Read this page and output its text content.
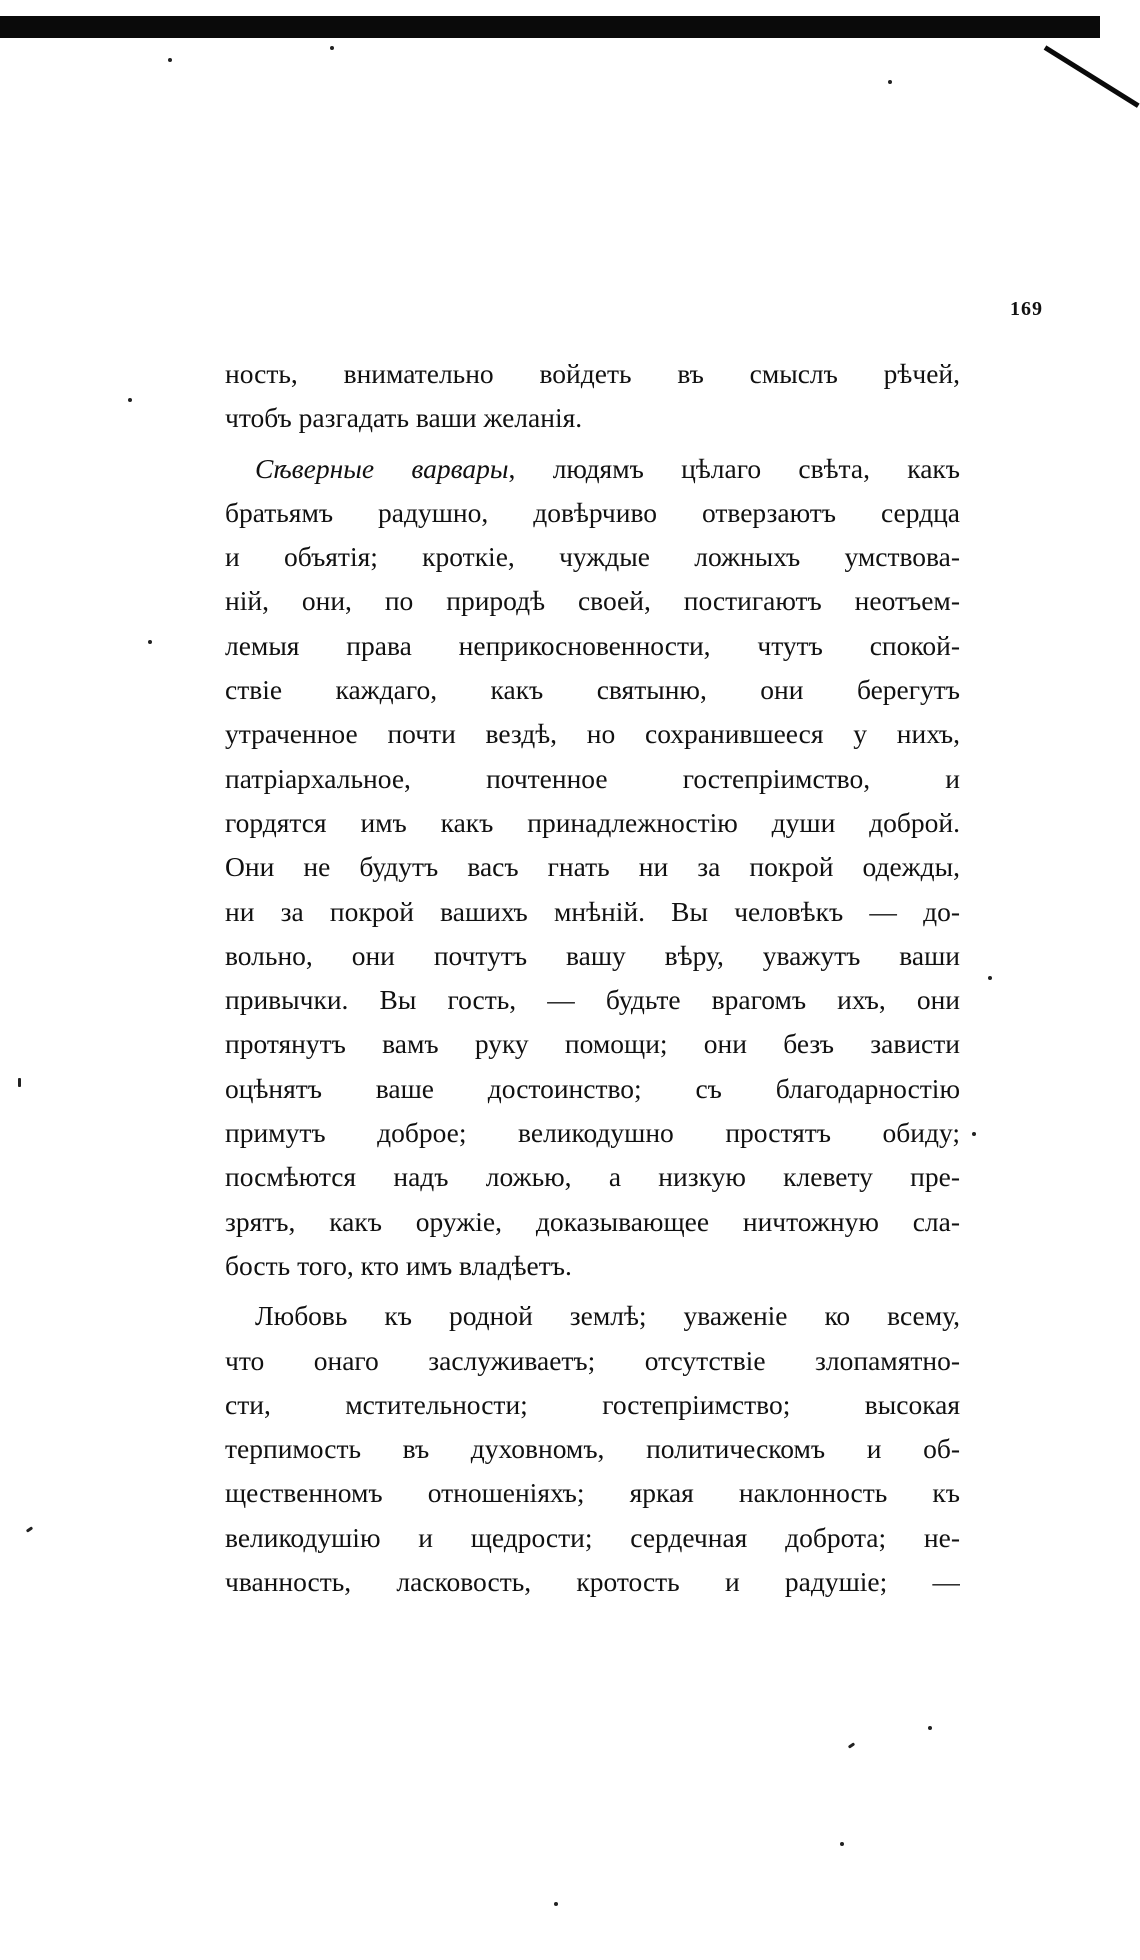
169
ность, внимательно войдеть въ смыслъ рѣчей,
чтобъ разгадать ваши желанія.
Сѣверные варвары, людямъ цѣлаго свѣта, какъ
братьямъ радушно, довѣрчиво отверзаютъ сердца
и объятія; кроткіе, чуждые ложныхъ умствова-
ній, они, по природѣ своей, постигаютъ неотъем-
лемыя права неприкосновенности, чтутъ спокой-
ствіе каждаго, какъ святыню, они берегутъ
утраченное почти вездѣ, но сохранившееся у нихъ,
патріархальное, почтенное гостепріимство, и
гордятся имъ какъ принадлежностію души доброй.
Они не будутъ васъ гнать ни за покрой одежды,
ни за покрой вашихъ мнѣній. Вы человѣкъ — до-
вольно, они почтутъ вашу вѣру, уважутъ ваши
привычки. Вы гость, — будьте врагомъ ихъ, они
протянутъ вамъ руку помощи; они безъ зависти
оцѣнятъ ваше достоинство; съ благодарностію
примутъ доброе; великодушно простятъ обиду;
посмѣются надъ ложью, а низкую клевету пре-
зрятъ, какъ оружіе, доказывающее ничтожную сла-
бость того, кто имъ владѣетъ.
Любовь къ родной землѣ; уваженіе ко всему,
что онаго заслуживаетъ; отсутствіе злопамятно-
сти, мстительности; гостепріимство; высокая
терпимость въ духовномъ, политическомъ и об-
щественномъ отношеніяхъ; яркая наклонность къ
великодушію и щедрости; сердечная доброта; не-
чванность, ласковость, кротость и радушіе; —
